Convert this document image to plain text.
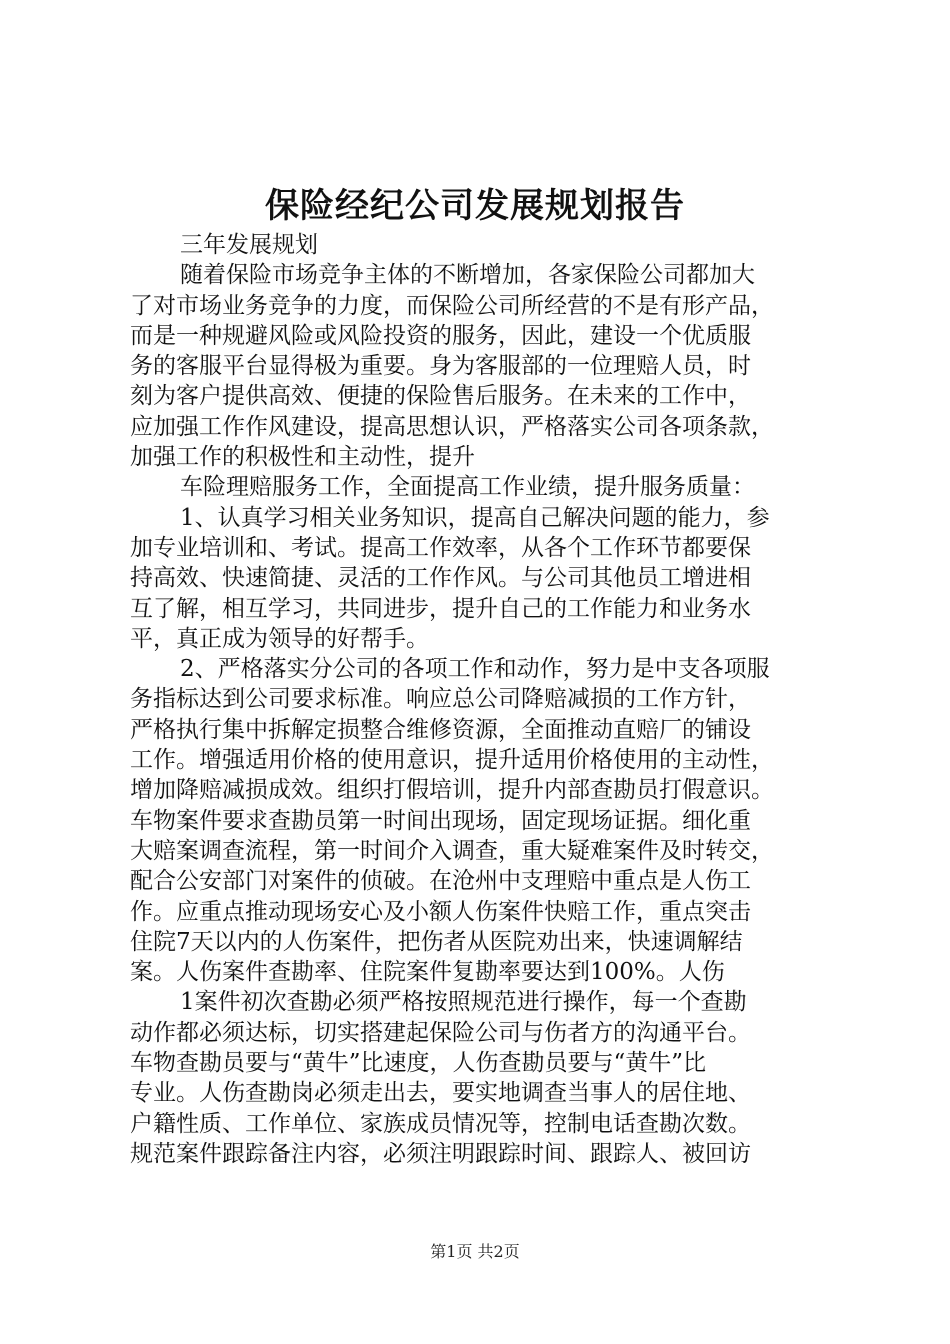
保险经纪公司发展规划报告
三年发展规划
随着保险市场竞争主体的不断增加，各家保险公司都加大
了对市场业务竞争的力度，而保险公司所经营的不是有形产品，
而是一种规避风险或风险投资的服务，因此，建设一个优质服
务的客服平台显得极为重要。身为客服部的一位理赔人员，时
刻为客户提供高效、便捷的保险售后服务。在未来的工作中，
应加强工作作风建设，提高思想认识，严格落实公司各项条款，
加强工作的积极性和主动性，提升
车险理赔服务工作，全面提高工作业绩，提升服务质量：
1、认真学习相关业务知识，提高自己解决问题的能力，参
加专业培训和、考试。提高工作效率，从各个工作环节都要保
持高效、快速简捷、灵活的工作作风。与公司其他员工增进相
互了解，相互学习，共同进步，提升自己的工作能力和业务水
平，真正成为领导的好帮手。
2、严格落实分公司的各项工作和动作，努力是中支各项服
务指标达到公司要求标准。响应总公司降赔减损的工作方针，
严格执行集中拆解定损整合维修资源，全面推动直赔厂的铺设
工作。增强适用价格的使用意识，提升适用价格使用的主动性，
增加降赔减损成效。组织打假培训，提升内部查勘员打假意识。
车物案件要求查勘员第一时间出现场，固定现场证据。细化重
大赔案调查流程，第一时间介入调查，重大疑难案件及时转交，
配合公安部门对案件的侦破。在沧州中支理赔中重点是人伤工
作。应重点推动现场安心及小额人伤案件快赔工作，重点突击
住院7天以内的人伤案件，把伤者从医院劝出来，快速调解结
案。人伤案件查勘率、住院案件复勘率要达到100%。人伤
1案件初次查勘必须严格按照规范进行操作，每一个查勘
动作都必须达标，切实搭建起保险公司与伤者方的沟通平台。
车物查勘员要与“黄牛”比速度，人伤查勘员要与“黄牛”比
专业。人伤查勘岗必须走出去，要实地调查当事人的居住地、
户籍性质、工作单位、家族成员情况等，控制电话查勘次数。
规范案件跟踪备注内容，必须注明跟踪时间、跟踪人、被回访
第1页 共2页
